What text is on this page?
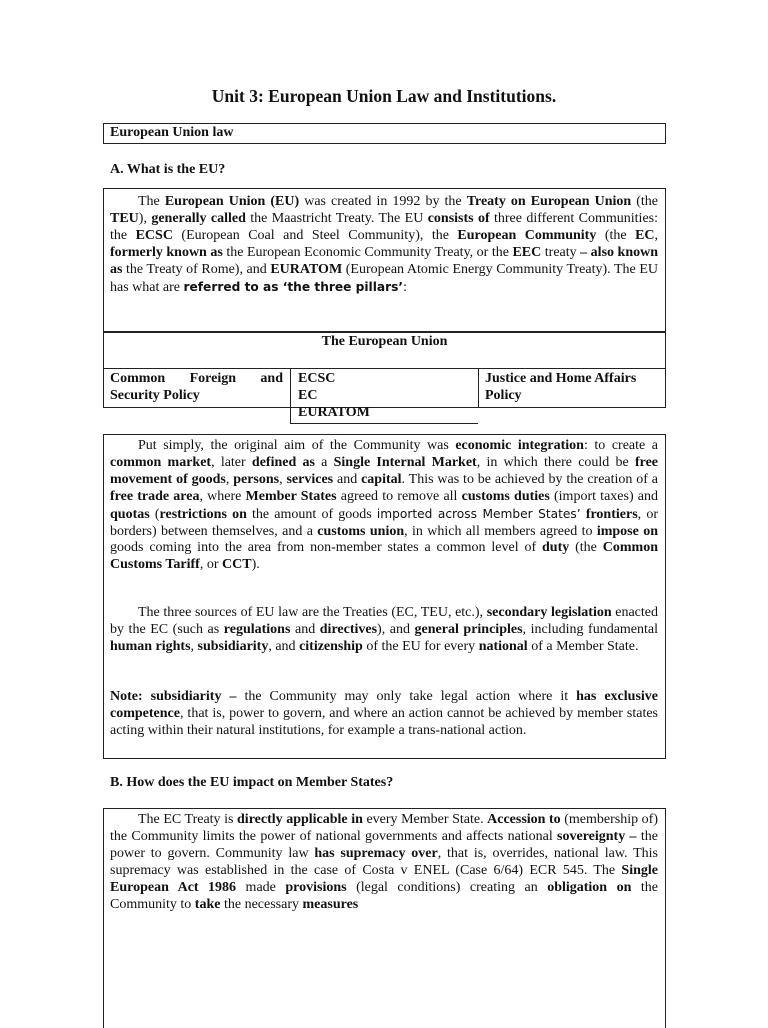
Unit 3: European Union Law and Institutions.
European Union law
A. What is the EU?

The European Union (EU) was created in 1992 by the Treaty on European Union (the TEU), generally called the Maastricht Treaty. The EU consists of three different Communities: the ECSC (European Coal and Steel Community), the European Community (the EC, formerly known as the European Economic Community Treaty, or the EEC treaty – also known as the Treaty of Rome), and EURATOM (European Atomic Energy Community Treaty). The EU has what are referred to as ‘the three pillars’:

The European Union
Common Foreign and Security Policy
ECSC
EC
EURATOM
Justice and Home Affairs Policy

Put simply, the original aim of the Community was economic integration: to create a common market, later defined as a Single Internal Market, in which there could be free movement of goods, persons, services and capital. This was to be achieved by the creation of a free trade area, where Member States agreed to remove all customs duties (import taxes) and quotas (restrictions on the amount of goods imported across Member States’ frontiers, or borders) between themselves, and a customs union, in which all members agreed to impose on goods coming into the area from non-member states a common level of duty (the Common Customs Tariff, or CCT).

The three sources of EU law are the Treaties (EC, TEU, etc.), secondary legislation enacted by the EC (such as regulations and directives), and general principles, including fundamental human rights, subsidiarity, and citizenship of the EU for every national of a Member State.

Note: subsidiarity – the Community may only take legal action where it has exclusive competence, that is, power to govern, and where an action cannot be achieved by member states acting within their natural institutions, for example a trans-national action.

B. How does the EU impact on Member States?

The EC Treaty is directly applicable in every Member State. Accession to (membership of) the Community limits the power of national governments and affects national sovereignty – the power to govern. Community law has supremacy over, that is, overrides, national law. This supremacy was established in the case of Costa v ENEL (Case 6/64) ECR 545. The Single European Act 1986 made provisions (legal conditions) creating an obligation on the Community to take the necessary measures
